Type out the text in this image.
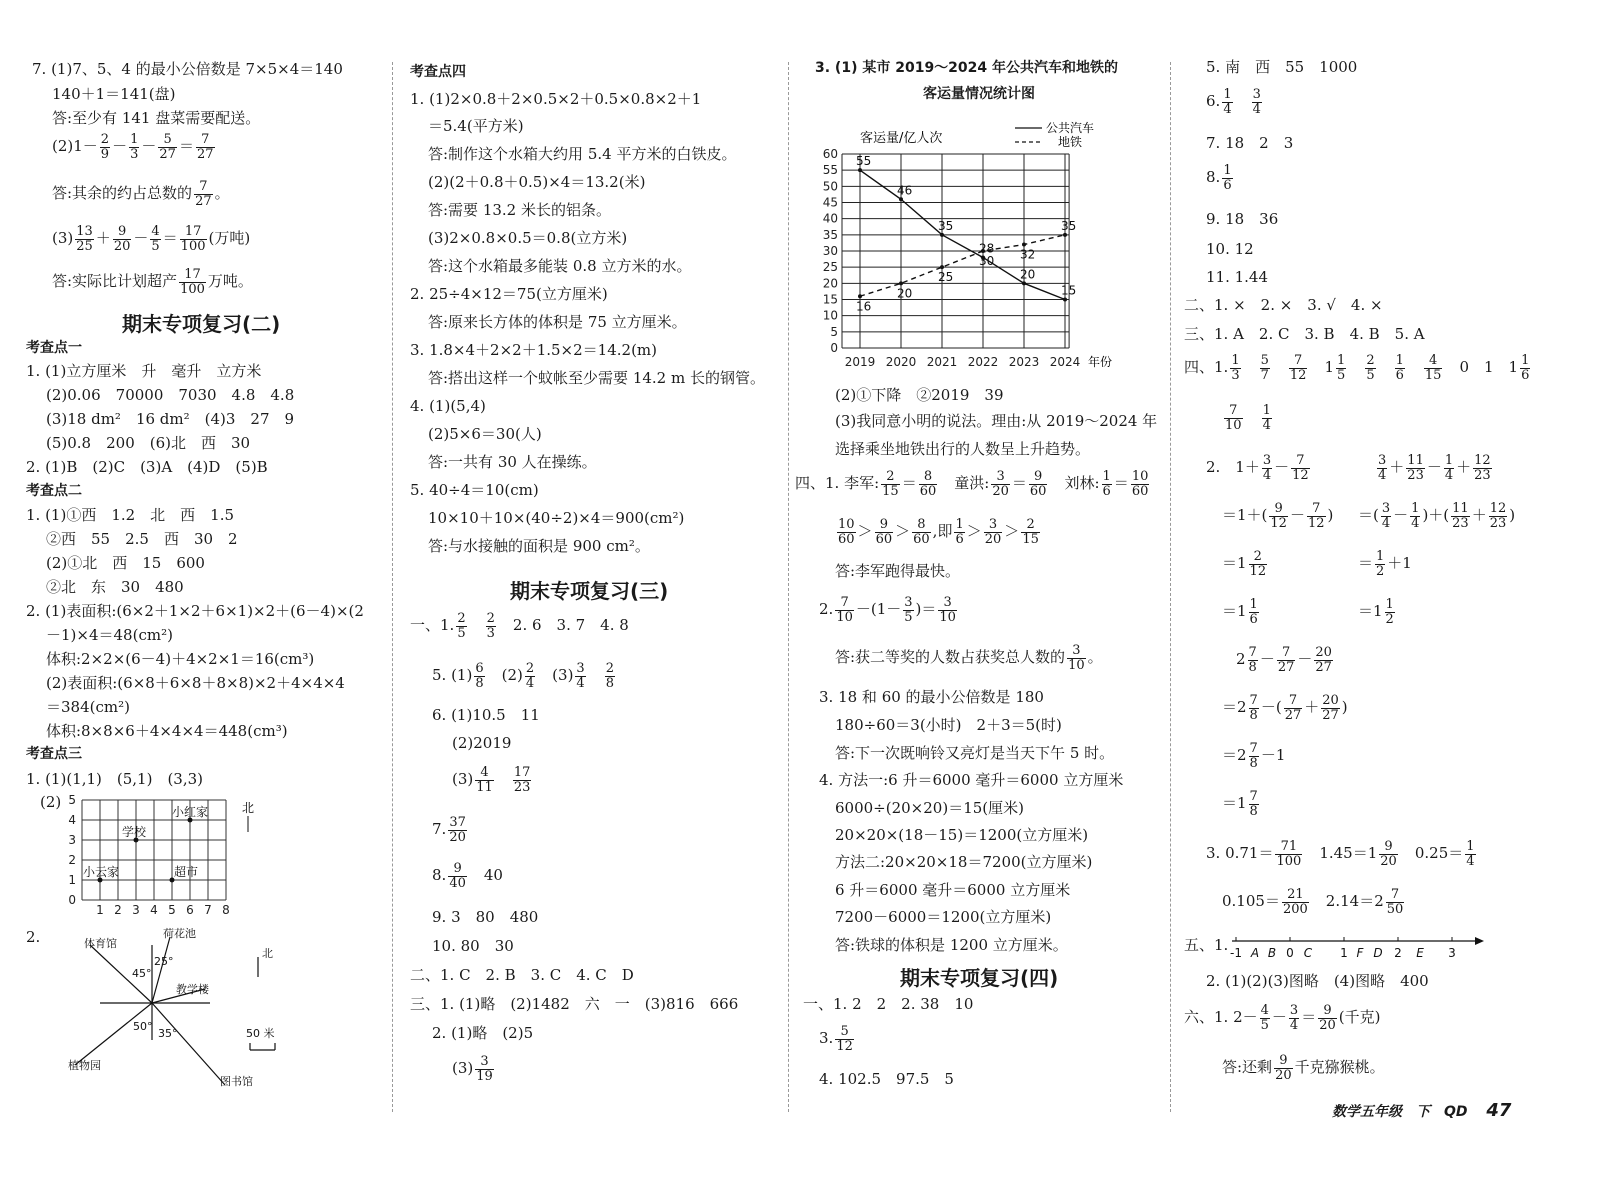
7. (1)7、5、4 的最小公倍数是 7×5×4＝140
140＋1＝141(盘)
答:至少有 141 盘菜需要配送。
$(2)1- \frac{2}{9} - \frac{1}{3} - \frac{5}{27} = \frac{7}{27}$
答:其余的约占总数的 $\frac{7}{27}$ 。
$(3) \frac{13}{25} + \frac{9}{20} - \frac{4}{5} = \frac{17}{100}$ (万吨)
答:实际比计划超产 $\frac{17}{100}$ 万吨。
期末专项复习(二)
考查点一
1. (1)立方厘米　升　毫升　立方米
(2)0.06　70000　7030　4.8　4.8
(3)18 dm²　16 dm²　(4)3　27　9
(5)0.8　200　(6)北　西　30
2. (1)B　(2)C　(3)A　(4)D　(5)B
考查点二
1. (1)①西　1.2　北　西　1.5
②西　55　2.5　西　30　2
(2)①北　西　15　600
②北　东　30　480
2. (1)表面积:(6×2＋1×2＋6×1)×2＋(6－4)×(2
－1)×4＝48(cm²)
体积:2×2×(6－4)＋4×2×1＝16(cm³)
(2)表面积:(6×8＋6×8＋8×8)×2＋4×4×4
＝384(cm²)
体积:8×8×6＋4×4×4＝448(cm³)
考查点三
1. (1)(1,1)　(5,1)　(3,3)
(2)
1 2 3 4 5 6 7 8
0
1
2
3
4
5
小红家
学校
小云家	超市
北
2.	体育馆
荷花池
教学楼
植物园
图书馆
45°
25°
50°
35°
北
50 米
考查点四
1. (1)2×0.8＋2×0.5×2＋0.5×0.8×2＋1
＝5.4(平方米)
答:制作这个水箱大约用 5.4 平方米的白铁皮。
(2)(2＋0.8＋0.5)×4＝13.2(米)
答:需要 13.2 米长的铝条。
(3)2×0.8×0.5＝0.8(立方米)
答:这个水箱最多能装 0.8 立方米的水。
2. 25÷4×12＝75(立方厘米)
答:原来长方体的体积是 75 立方厘米。
3. 1.8×4＋2×2＋1.5×2＝14.2(m)
答:搭出这样一个蚊帐至少需要 14.2 m 长的钢管。
4. (1)(5,4)
(2)5×6＝30(人)
答:一共有 30 人在操练。
5. 40÷4＝10(cm)
10×10＋10×(40÷2)×4＝900(cm²)
答:与水接触的面积是 900 cm²。
期末专项复习(三)
一、1. $\frac{2}{5}$
　 $\frac{2}{3}$
　 2. 6　3. 7　4. 8
5. $(1) \frac{6}{8}$
　 $(2) \frac{2}{4}$
　 $(3) \frac{3}{4}$
　 $\frac{2}{8}$
6. (1)10.5　11
(2)2019
$(3) \frac{4}{11}$
　 $\frac{17}{23}$
7. $\frac{37}{20}$
8. $\frac{9}{40}$
　 40
9. 3　80　480
10. 80　30
二、1. C　2. B　3. C　4. C　D
三、1. (1)略　(2)1482　六　一　(3)816　666
2. (1)略　(2)5
$(3) \frac{3}{19}$
3. (1) 某市 2019～2024 年公共汽车和地铁的
客运量情况统计图
0
5
10
15
20
25
30
35
40
45
50
55
60
2019 2020 2021 2022 2023 2024
55
46
35
28
20
15
16
20
25
30 32
35
客运量/亿人次
年份
公共汽车
地铁
(2)①下降　②2019　39
(3)我同意小明的说法。理由:从 2019～2024 年
选择乘坐地铁出行的人数呈上升趋势。
四、1. 李军: $\frac{2}{15} = \frac{8}{60}$
　 童洪: $\frac{3}{20} = \frac{9}{60}$
　 刘林: $\frac{1}{6} = \frac{10}{60}$
$\frac{10}{60} > \frac{9}{60} > \frac{8}{60}$ ,即 $\frac{1}{6} > \frac{3}{20} > \frac{2}{15}$
答:李军跑得最快。
2. $\frac{7}{10} -(1- \frac{3}{5}$ )＝ $\frac{3}{10}$
答:获二等奖的人数占获奖总人数的 $\frac{3}{10}$ 。
3. 18 和 60 的最小公倍数是 180
180÷60＝3(小时)　2＋3＝5(时)
答:下一次既响铃又亮灯是当天下午 5 时。
4. 方法一:6 升＝6000 毫升＝6000 立方厘米
6000÷(20×20)＝15(厘米)
20×20×(18－15)＝1200(立方厘米)
方法二:20×20×18＝7200(立方厘米)
6 升＝6000 毫升＝6000 立方厘米
7200－6000＝1200(立方厘米)
答:铁球的体积是 1200 立方厘米。
期末专项复习(四)
一、1. 2　2　2. 38　10
3. $\frac{5}{12}$
4. 102.5　97.5　5
5. 南　西　55　1000
6. $\frac{1}{4}$
　 $\frac{3}{4}$
7. 18　2　3
8. $\frac{1}{6}$
9. 18　36
10. 12
11. 1.44
二、1. ×　2. ×　3. √　4. ×
三、1. A　2. C　3. B　4. B　5. A
四、1. $\frac{1}{3}$
　 $\frac{5}{7}$
　 $\frac{7}{12}$
　 $1 \frac{1}{5}$
　 $\frac{2}{5}$
　 $\frac{1}{6}$
　 $\frac{4}{15}$
　 0　1　$1 \frac{1}{6}$
$\frac{7}{10}$
　 $\frac{1}{4}$
2.　$1+ \frac{3}{4} - \frac{7}{12}$
$=1+( \frac{9}{12} - \frac{7}{12}$ )
$=1 \frac{2}{12}$
$=1 \frac{1}{6}$
$\frac{3}{4} + \frac{11}{23} - \frac{1}{4} + \frac{12}{23}$
＝( $\frac{3}{4} - \frac{1}{4}$ )＋( $\frac{11}{23} + \frac{12}{23}$ )
＝ $\frac{1}{2} +1$
$=1 \frac{1}{2}$
$2 \frac{7}{8} - \frac{7}{27} - \frac{20}{27}$
$=2 \frac{7}{8}$ －( $\frac{7}{27} + \frac{20}{27}$ )
$=2 \frac{7}{8} -1$
$=1 \frac{7}{8}$
3. $0.71= \frac{71}{100}$
　 $1.45=1 \frac{9}{20}$
　 $0.25= \frac{1}{4}$
$0.105= \frac{21}{200}$
　 $2.14=2 \frac{7}{50}$
五、1. -1 A B 0 C 1 F D 2 E 3
2. (1)(2)(3)图略　(4)图略　400
六、1. $2- \frac{4}{5} - \frac{3}{4} = \frac{9}{20}$ (千克)
答:还剩 $\frac{9}{20}$ 千克猕猴桃。
数学五年级　下　QD 47
